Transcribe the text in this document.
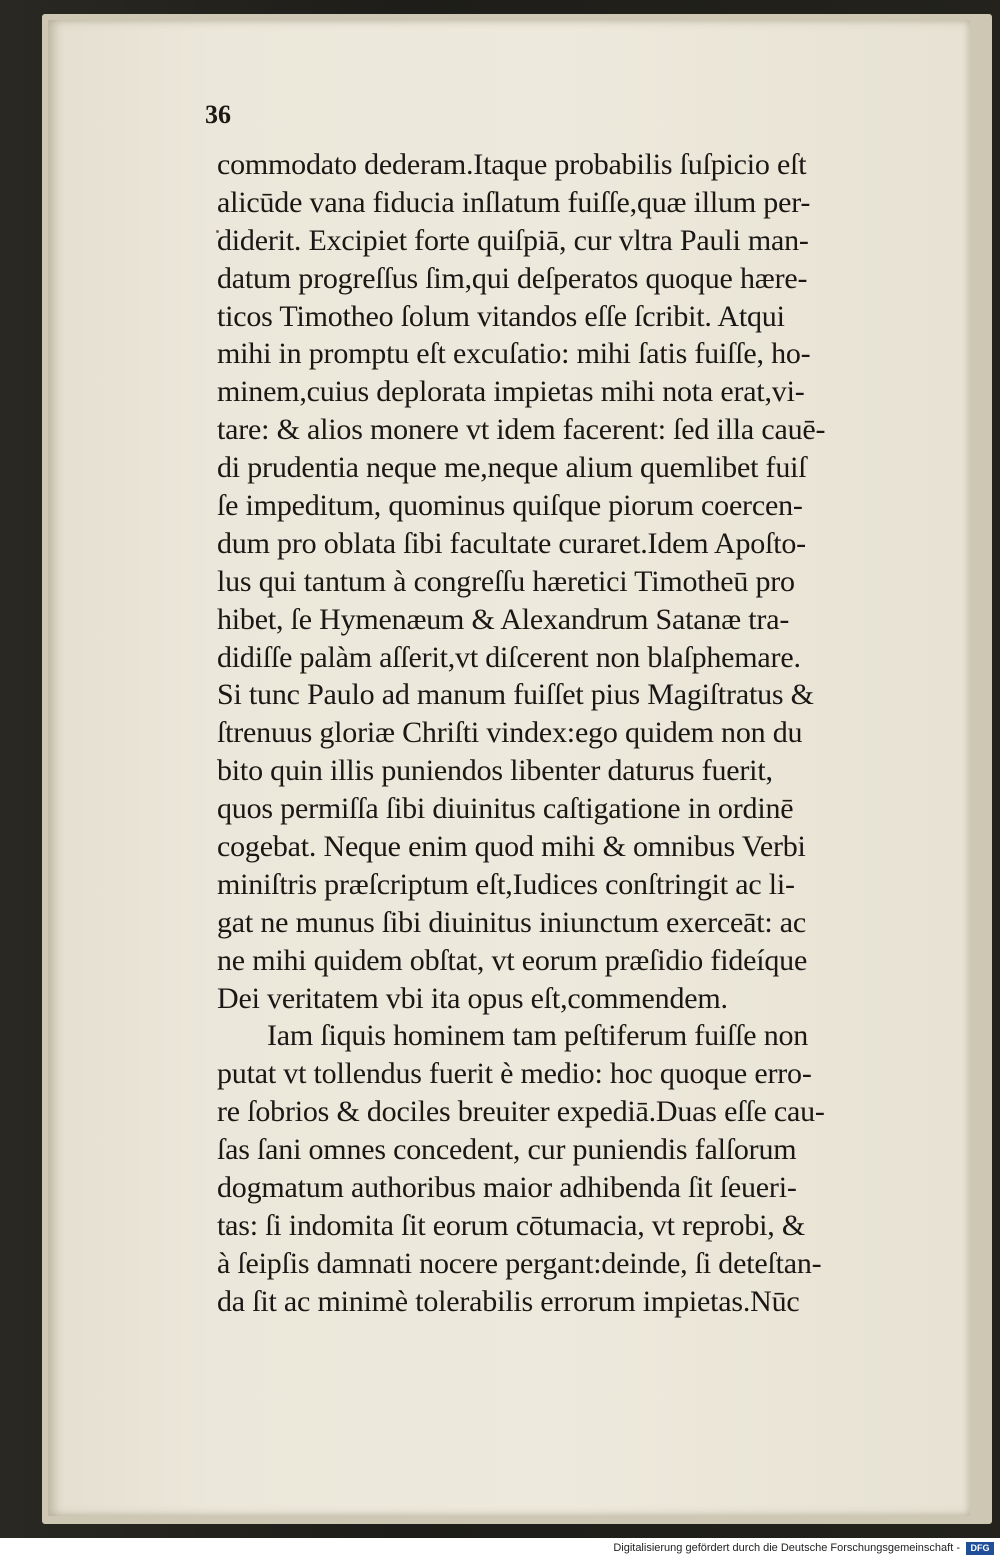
36
commodato dederam.Itaque probabilis ſuſpicio eſt
alicūde vana fiducia inſlatum fuiſſe,quæ illum per-
diderit. Excipiet forte quiſpiā, cur vltra Pauli man-
datum progreſſus ſim,qui deſperatos quoque hære-
ticos Timotheo ſolum vitandos eſſe ſcribit. Atqui
mihi in promptu eſt excuſatio: mihi ſatis fuiſſe, ho-
minem,cuius deplorata impietas mihi nota erat,vi-
tare: & alios monere vt idem facerent: ſed illa cauē-
di prudentia neque me,neque alium quemlibet fuiſ
ſe impeditum, quominus quiſque piorum coercen-
dum pro oblata ſibi facultate curaret.Idem Apoſto-
lus qui tantum à congreſſu hæretici Timotheū pro
hibet, ſe Hymenæum & Alexandrum Satanæ tra-
didiſſe palàm aſſerit,vt diſcerent non blaſphemare.
Si tunc Paulo ad manum fuiſſet pius Magiſtratus &
ſtrenuus gloriæ Chriſti vindex:ego quidem non du
bito quin illis puniendos libenter daturus fuerit,
quos permiſſa ſibi diuinitus caſtigatione in ordinē
cogebat. Neque enim quod mihi & omnibus Verbi
miniſtris præſcriptum eſt,Iudices conſtringit ac li-
gat ne munus ſibi diuinitus iniunctum exerceāt: ac
ne mihi quidem obſtat, vt eorum præſidio fideíque
Dei veritatem vbi ita opus eſt,commendem.
Iam ſiquis hominem tam peſtiferum fuiſſe non
putat vt tollendus fuerit è medio: hoc quoque erro-
re ſobrios & dociles breuiter expediā.Duas eſſe cau-
ſas ſani omnes concedent, cur puniendis falſorum
dogmatum authoribus maior adhibenda ſit ſeueri-
tas: ſi indomita ſit eorum cōtumacia, vt reprobi, &
à ſeipſis damnati nocere pergant:deinde, ſi deteſtan-
da ſit ac minimè tolerabilis errorum impietas.Nūc
Digitalisierung gefördert durch die Deutsche Forschungsgemeinschaft -	DFG
